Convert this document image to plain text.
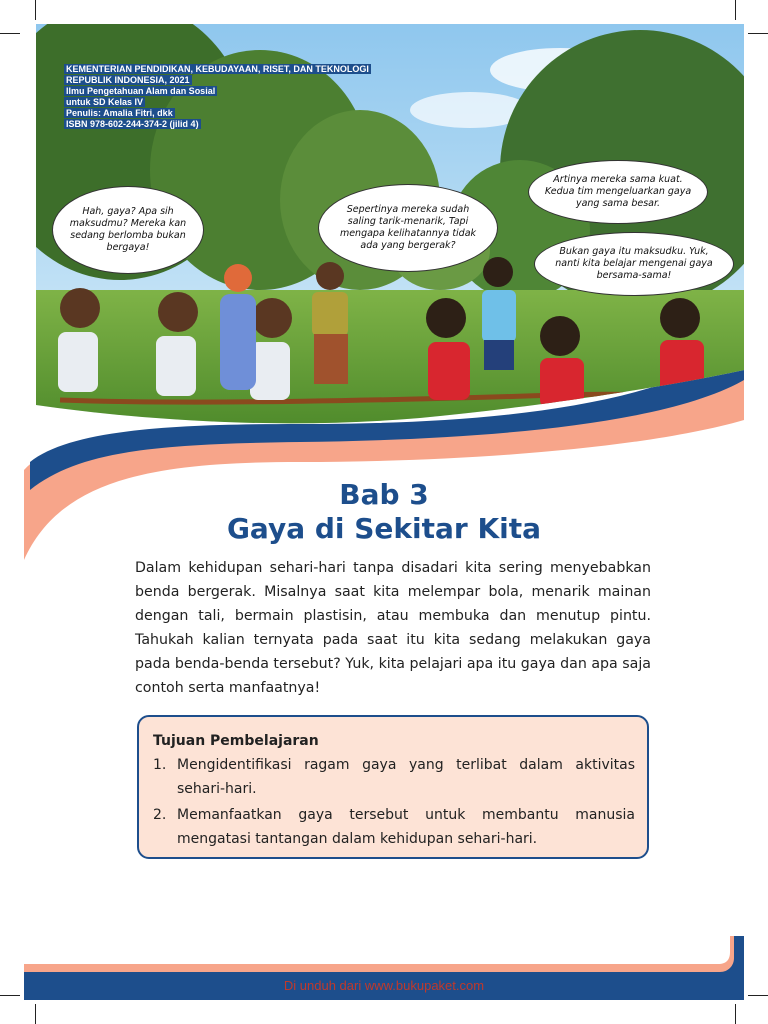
KEMENTERIAN PENDIDIKAN, KEBUDAYAAN, RISET, DAN TEKNOLOGI
REPUBLIK INDONESIA, 2021
Ilmu Pengetahuan Alam dan Sosial
untuk SD Kelas IV
Penulis: Amalia Fitri, dkk
ISBN 978-602-244-374-2 (jilid 4)
Hah, gaya? Apa sih maksudmu? Mereka kan sedang berlomba bukan bergaya!
Sepertinya mereka sudah saling tarik-menarik, Tapi mengapa kelihatannya tidak ada yang bergerak?
Artinya mereka sama kuat. Kedua tim mengeluarkan gaya yang sama besar.
Bukan gaya itu maksudku. Yuk, nanti kita belajar mengenai gaya bersama-sama!
Bab 3
Gaya di Sekitar Kita

Dalam kehidupan sehari-hari tanpa disadari kita sering menyebabkan benda bergerak. Misalnya saat kita melempar bola, menarik mainan dengan tali, bermain plastisin, atau membuka dan menutup pintu. Tahukah kalian ternyata pada saat itu kita sedang melakukan gaya pada benda-benda tersebut? Yuk, kita pelajari apa itu gaya dan apa saja contoh serta manfaatnya!

Tujuan Pembelajaran
1. Mengidentifikasi ragam gaya yang terlibat dalam aktivitas sehari-hari.
2. Memanfaatkan gaya tersebut untuk membantu manusia mengatasi tantangan dalam kehidupan sehari-hari.
Di unduh dari www.bukupaket.com
